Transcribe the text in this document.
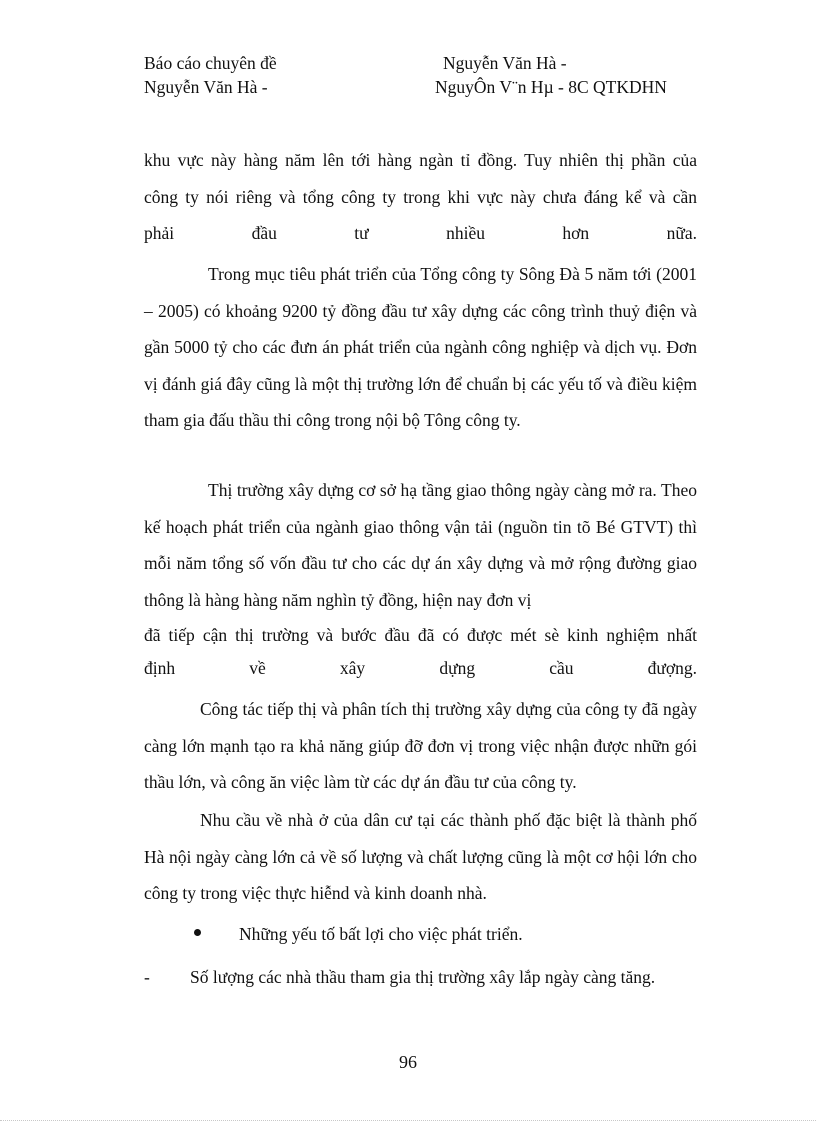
Báo cáo chuyên đề	Nguyễn Văn Hà -
Nguyễn Văn Hà -	NguyÔn V¨n Hµ - 8C QTKDHN

khu vực này hàng năm lên tới hàng ngàn tỉ đồng. Tuy nhiên thị phần của

công ty nói riêng và tổng công ty trong khi vực này chưa đáng kể và cần

phải đầu tư nhiều hơn nữa.

Trong mục tiêu phát triển của Tổng công ty Sông Đà 5 năm tới (2001 – 2005) có khoảng 9200 tỷ đồng đầu tư xây dựng các công trình thuỷ điện và gần 5000 tỷ cho các đưn án phát triển của ngành công nghiệp và dịch vụ. Đơn vị đánh giá đây cũng là một thị trường lớn để chuẩn bị các yếu tố và điều kiệm tham gia đấu thầu thi công trong nội bộ Tông công ty.

Thị trường xây dựng cơ sở hạ tầng giao thông ngày càng mở ra. Theo kế hoạch phát triển của ngành giao thông vận tải (nguồn tin tõ Bé GTVT) thì mỗi năm tổng số vốn đầu tư cho các dự án xây dựng và mở rộng đường giao thông là hàng hàng năm nghìn tỷ đồng, hiện nay đơn vị

đã tiếp cận thị trường và bước đầu đã có được mét sè kinh nghiệm nhất

định về xây dựng cầu đượng.

Công tác tiếp thị và phân tích thị trường xây dựng của công ty đã ngày càng lớn mạnh tạo ra khả năng giúp đỡ đơn vị trong việc nhận được nhữn gói thầu lớn, và công ăn việc làm từ các dự án đầu tư của công ty.

Nhu cầu về nhà ở của dân cư tại các thành phố đặc biệt là thành phố Hà nội ngày càng lớn cả về số lượng và chất lượng cũng là một cơ hội lớn cho công ty trong việc thực hiễnd và kinh doanh nhà.

Những yếu tố bất lợi cho việc phát triển.
- Số lượng các nhà thầu tham gia thị trường xây lắp ngày càng tăng.
96
